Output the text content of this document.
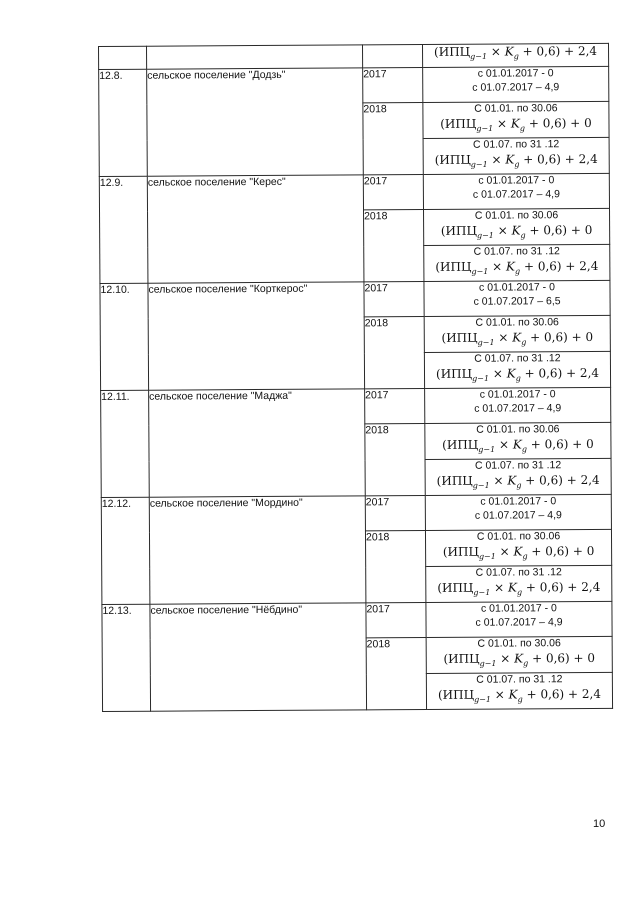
			$(ИПЦ_{g-1} \times K_g + 0,6) + 2,4$

12.8.	сельское поселение "Додзь"	2017	с 01.01.2017 - 0
с 01.07.2017 – 4,9

		2018	С 01.01. по 30.06
$(ИПЦ_{g-1} \times K_g + 0,6) + 0$

			С 01.07. по 31 .12
$(ИПЦ_{g-1} \times K_g + 0,6) + 2,4$

12.9.	сельское поселение "Керес"	2017	с 01.01.2017 - 0
с 01.07.2017 – 4,9

		2018	С 01.01. по 30.06
$(ИПЦ_{g-1} \times K_g + 0,6) + 0$

			С 01.07. по 31 .12
$(ИПЦ_{g-1} \times K_g + 0,6) + 2,4$

12.10.	сельское поселение "Корткерос"	2017	с 01.01.2017 - 0
с 01.07.2017 – 6,5

		2018	С 01.01. по 30.06
$(ИПЦ_{g-1} \times K_g + 0,6) + 0$

			С 01.07. по 31 .12
$(ИПЦ_{g-1} \times K_g + 0,6) + 2,4$

12.11.	сельское поселение "Маджа"	2017	с 01.01.2017 - 0
с 01.07.2017 – 4,9

		2018	С 01.01. по 30.06
$(ИПЦ_{g-1} \times K_g + 0,6) + 0$

			С 01.07. по 31 .12
$(ИПЦ_{g-1} \times K_g + 0,6) + 2,4$

12.12.	сельское поселение "Мордино"	2017	с 01.01.2017 - 0
с 01.07.2017 – 4,9

		2018	С 01.01. по 30.06
$(ИПЦ_{g-1} \times K_g + 0,6) + 0$

			С 01.07. по 31 .12
$(ИПЦ_{g-1} \times K_g + 0,6) + 2,4$

12.13.	сельское поселение "Нёбдино"	2017	с 01.01.2017 - 0
с 01.07.2017 – 4,9

		2018	С 01.01. по 30.06
$(ИПЦ_{g-1} \times K_g + 0,6) + 0$

			С 01.07. по 31 .12
$(ИПЦ_{g-1} \times K_g + 0,6) + 2,4$
10
